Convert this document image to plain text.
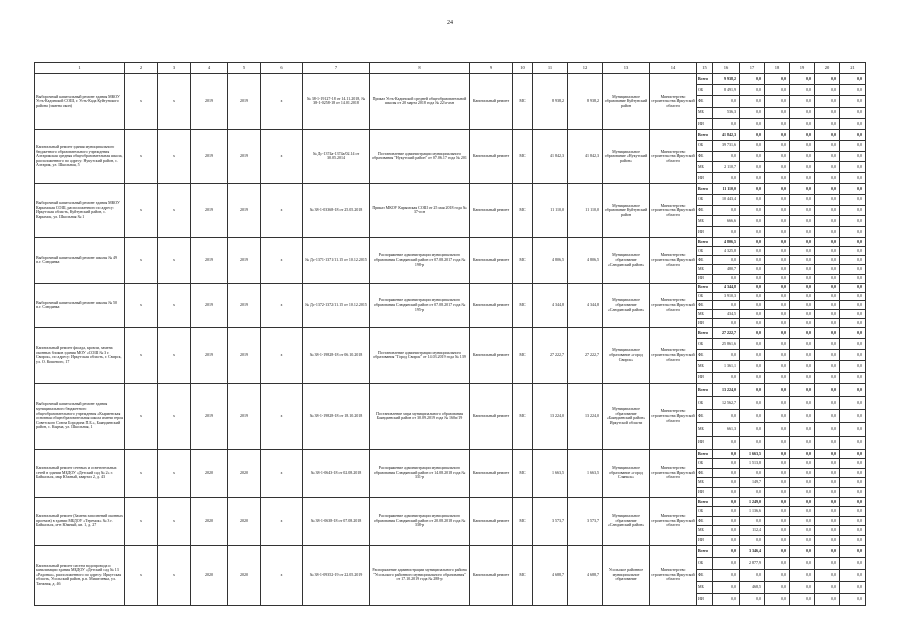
24
1	2	3	4	5	6	7	8	9	10	11	12	13	14	15	16	17	18	19	20	21
Выборочный капитальный ремонт здания МКОУ Усть-Кадинской СОШ, г. Усть-Када Куйтунского района (замена окон)	х	х	2019	2019	х	№ 38-1-19127-18 от 14.11.2018, № 38-1-0258-18 от 14.01.2018	Приказ Усть-Кадинской средней общеобразовательной школы от 20 марта 2018 года № 22/а-ахн	Капитальный ремонт	МС	8 938,2	8 938,2	Муниципальное образование Куйтунский район	Министерство строительства Иркутской области	Всего	9 938,2	0,0	0,0	0,0	0,0	0,0
														ОБ	8 491,9	0,0	0,0	0,0	0,0	0,0
														ФБ	0,0	0,0	0,0	0,0	0,0	0,0
														МБ	536,3	0,0	0,0	0,0	0,0	0,0
														ИИ	0,0	0,0	0,0	0,0	0,0	0,0
Капитальный ремонт здания муниципального бюджетного образовательного учреждения Алтарикская средняя общеобразовательная школа, расположенного по адресу: Нукутский район, с. Алтарик, ул. Школьная, 5	х	х	2019	2019	х	№ Дс-1374а-1374а/02.14 от 30.05.2014	Постановление администрации муниципального образования "Нукутский район" от 07.06.17 года № 201	Капитальный ремонт	МС	41 842,3	41 842,3	Муниципальное образование «Нукутский район»	Министерство строительства Иркутской области	Всего	41 842,3	0,0	0,0	0,0	0,0	0,0
														ОБ	39 731,6	0,0	0,0	0,0	0,0	0,0
														ФБ	0,0	0,0	0,0	0,0	0,0	0,0
														МБ	2 110,7	0,0	0,0	0,0	0,0	0,0
														ИИ	0,0	0,0	0,0	0,0	0,0	0,0
Выборочный капитальный ремонт здания МКОУ Карымская СОШ, расположенного по адресу: Иркутская область, Куйтунский район, с. Карымск, ул. Школьная № 1	х	х	2019	2019	х	№ 38-1-03368-18 от 25.05.2018	Приказ МКОУ Карымская СОШ от 25 мая 2018 года № 37-осн	Капитальный ремонт	МС	11 110,0	11 110,0	Муниципальное образование Куйтунский район	Министерство строительства Иркутской области	Всего	11 110,0	0,0	0,0	0,0	0,0	0,0
														ОБ	10 443,4	0,0	0,0	0,0	0,0	0,0
														ФБ	0,0	0,0	0,0	0,0	0,0	0,0
														МБ	666,6	0,0	0,0	0,0	0,0	0,0
														ИИ	0,0	0,0	0,0	0,0	0,0	0,0
Выборочный капитальный ремонт школы № 49 п.г. Слюдянка	х	х	2019	2019	х	№ Дс-1371-1371/11.15 от 10.12.2015	Распоряжение администрации муниципального образования Слюдянский район от 07.08.2017 года № 198-р	Капитальный ремонт	МС	4 806,5	4 806,5	Муниципальное образование «Слюдянский район»	Министерство строительства Иркутской области	Всего	4 806,5	0,0	0,0	0,0	0,0	0,0
														ОБ	4 325,8	0,0	0,0	0,0	0,0	0,0
														ФБ	0,0	0,0	0,0	0,0	0,0	0,0
														МБ	480,7	0,0	0,0	0,0	0,0	0,0
														ИИ	0,0	0,0	0,0	0,0	0,0	0,0
Выборочный капитальный ремонт школы № 50 п.г. Слюдянка	х	х	2019	2019	х	№ Дс-1372-1372/11.15 от 10.12.2015	Распоряжение администрации муниципального образования Слюдянский район от 07.08.2017 года № 195-р	Капитальный ремонт	МС	4 344,8	4 344,8	Муниципальное образование «Слюдянский район»	Министерство строительства Иркутской области	Всего	4 344,8	0,0	0,0	0,0	0,0	0,0
														ОБ	3 910,3	0,0	0,0	0,0	0,0	0,0
														ФБ	0,0	0,0	0,0	0,0	0,0	0,0
														МБ	434,5	0,0	0,0	0,0	0,0	0,0
														ИИ	0,0	0,0	0,0	0,0	0,0	0,0
Капитальный ремонт фасада, кровли, замена оконных блоков здания МОУ «СОШ № 3 г. Свирск», по адресу: Иркутская область, г. Свирск, ул. О. Кошевого, 17	х	х	2019	2019	х	№ 38-1-19828-18 от 06.10.2018	Постановление администрации муниципального образования "Город Свирск" от 14.03.2019 года № 139	Капитальный ремонт	МС	27 222,7	27 222,7	Муниципальное образование «город Свирск»	Министерство строительства Иркутской области	Всего	27 222,7	0,0	0,0	0,0	0,0	0,0
														ОБ	25 861,6	0,0	0,0	0,0	0,0	0,0
														ФБ	0,0	0,0	0,0	0,0	0,0	0,0
														МБ	1 361,1	0,0	0,0	0,0	0,0	0,0
														ИИ	0,0	0,0	0,0	0,0	0,0	0,0
Выборочный капитальный ремонт здания муниципального бюджетного общеобразовательного учреждения «Кырменская основная общеобразовательная школа имени героя Советского Союза Бородина П.Б.», Баяндаевский район, с. Кырма, ул. Школьная, 1	х	х	2019	2019	х	№ 38-1-19828-18 от 18.10.2018	Постановление мэра муниципального образования Баяндаевский район от 30.09.2019 года № 160п/19	Капитальный ремонт	МС	13 224,0	13 224,0	Муниципальное образование «Баяндаевский район» Иркутской области	Министерство строительства Иркутской области	Всего	13 224,0	0,0	0,0	0,0	0,0	0,0
														ОБ	12 562,7	0,0	0,0	0,0	0,0	0,0
														ФБ	0,0	0,0	0,0	0,0	0,0	0,0
														МБ	661,3	0,0	0,0	0,0	0,0	0,0
														ИИ	0,0	0,0	0,0	0,0	0,0	0,0
Капитальный ремонт сетевых и осветительных сетей в здании МБДОУ «Детский сад № 2» г. Байкальск, мкр Южный, квартал 2, д. 43	х	х	2020	2020	х	№ 38-1-0643-18 от 02.08.2018	Распоряжение администрации муниципального образования Слюдянский район от 14.08.2018 года № 331-р	Капитальный ремонт	МС	1 663,5	1 663,5	Муниципальное образование «город Сляньск»	Министерство строительства Иркутской области	Всего	0,0	1 663,5	0,0	0,0	0,0	0,0
														ОБ	0,0	1 513,8	0,0	0,0	0,0	0,0
														ФБ	0,0	0,0	0,0	0,0	0,0	0,0
														МБ	0,0	149,7	0,0	0,0	0,0	0,0
														ИИ	0,0	0,0	0,0	0,0	0,0	0,0
Капитальный ремонт (Замена заполнений оконных проемов) в здании МБДОУ «Теремок» № 3 г. Байкальск, м-н Южный, кв. 1, д. 27	х	х	2020	2020	х	№ 38-1-0638-18 от 07.08.2018	Распоряжение администрации муниципального образования Слюдянский район от 20.08.2018 года № 338-р	Капитальный ремонт	МС	3 573,7	3 573,7	Муниципальное образование «Слюдянский район»	Министерство строительства Иркутской области	Всего	0,0	1 249,0	0,0	0,0	0,0	0,0
														ОБ	0,0	1 136,6	0,0	0,0	0,0	0,0
														ФБ	0,0	0,0	0,0	0,0	0,0	0,0
														МБ	0,0	112,4	0,0	0,0	0,0	0,0
														ИИ	0,0	0,0	0,0	0,0	0,0	0,0
Капитальный ремонт систем водопровода и канализации здания МБДОУ «Детский сад № 13 «Радонка», расположенного по адресу: Иркутская область, Усольский район, р.п. Мишелевка, ул. Таежная, д. 46	х	х	2020	2020	х	№ 38-1-09352-19 от 22.05.2019	Распоряжение администрации муниципального района "Усольского районного муниципального образования" от 17.10.2019 года № 288-р	Капитальный ремонт	МС	4 688,7	4 688,7	Усольское районное муниципальное образование	Министерство строительства Иркутской области	Всего	0,0	3 346,4	0,0	0,0	0,0	0,0
														ОБ	0,0	2 877,9	0,0	0,0	0,0	0,0
														ФБ	0,0	0,0	0,0	0,0	0,0	0,0
														МБ	0,0	468,5	0,0	0,0	0,0	0,0
														ИИ	0,0	0,0	0,0	0,0	0,0	0,0
